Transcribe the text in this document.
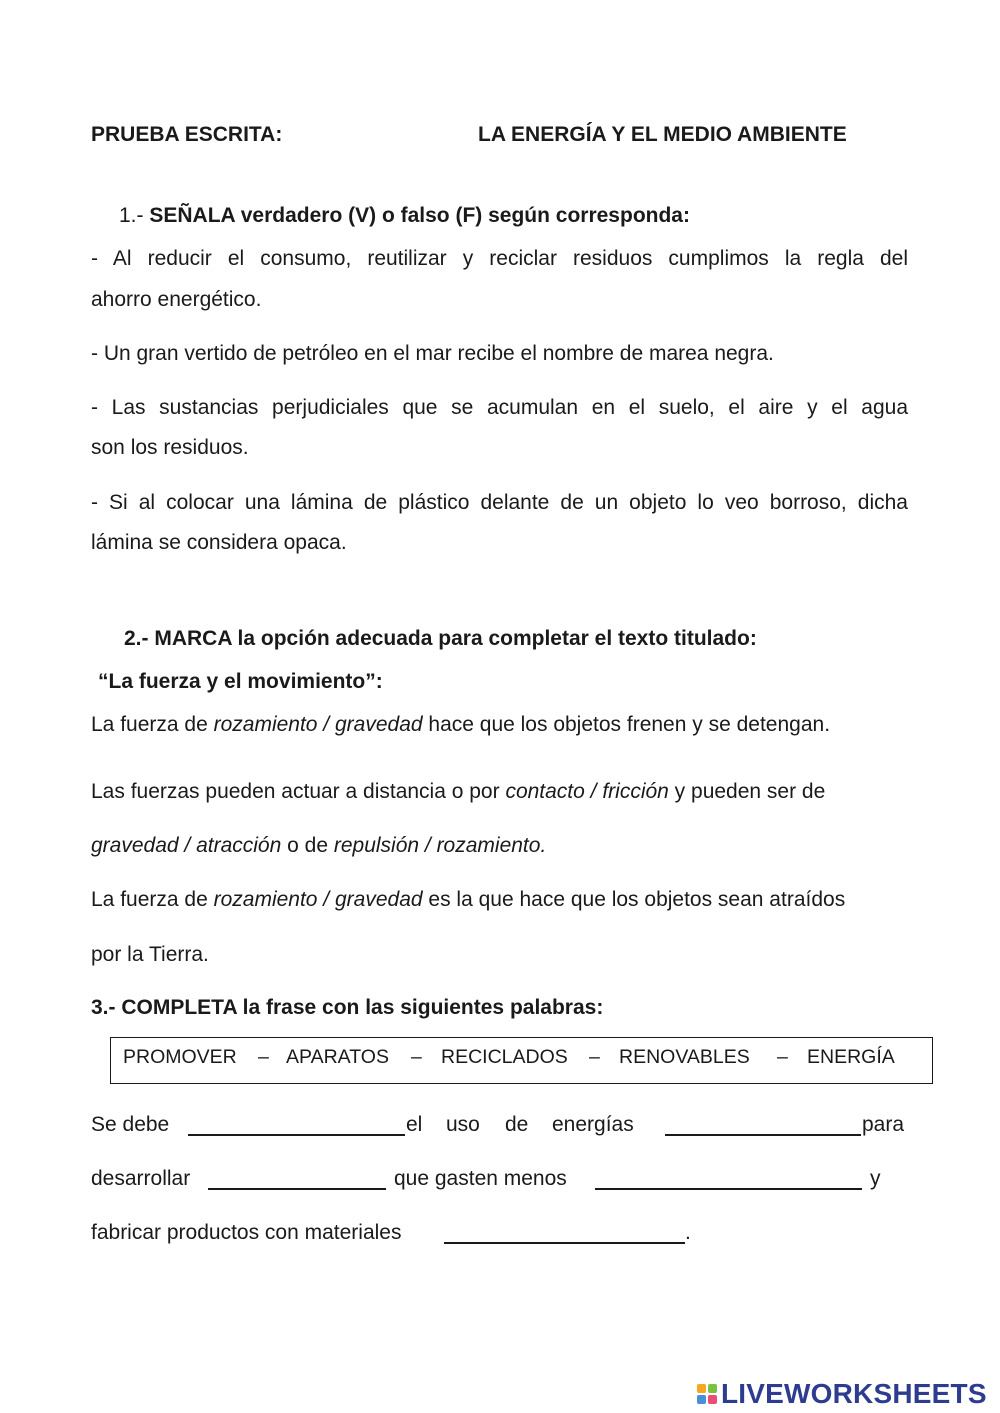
PRUEBA ESCRITA:	LA ENERGÍA Y EL MEDIO AMBIENTE
1.- SEÑALA verdadero (V) o falso (F) según corresponda:
- Al reducir el consumo, reutilizar y reciclar residuos cumplimos la regla del
ahorro energético.
- Un gran vertido de petróleo en el mar recibe el nombre de marea negra.
- Las sustancias perjudiciales que se acumulan en el suelo, el aire y el agua
son los residuos.
- Si al colocar una lámina de plástico delante de un objeto lo veo borroso, dicha
lámina se considera opaca.
2.- MARCA la opción adecuada para completar el texto titulado:
“La fuerza y el movimiento”:
La fuerza de rozamiento / gravedad hace que los objetos frenen y se detengan.
Las fuerzas pueden actuar a distancia o por contacto / fricción y pueden ser de
gravedad / atracción o de repulsión / rozamiento.
La fuerza de rozamiento / gravedad es la que hace que los objetos sean atraídos
por la Tierra.
3.- COMPLETA la frase con las siguientes palabras:
PROMOVER – APARATOS – RECICLADOS – RENOVABLES – ENERGÍA
Se debe	el uso de energías	para
desarrollar	que gasten menos	y
fabricar productos con materiales	.
LIVEWORKSHEETS
